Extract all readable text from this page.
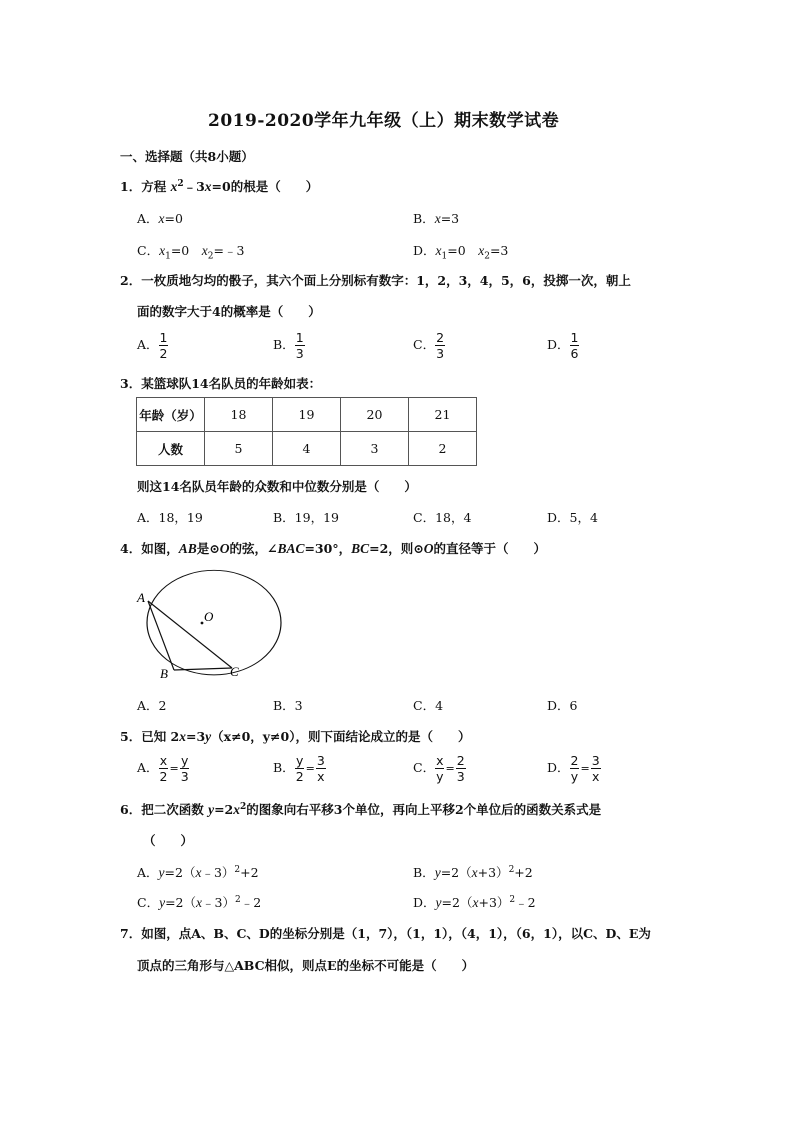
2019-2020学年九年级（上）期末数学试卷
一、选择题（共8小题）
1．方程 $x^2﹣3x=0$的根是（　　）
A．x=0	B．x=3
C．$x_1=0$　$x_2=﹣3$	D．$x_1=0$　$x_2=3$
2．一枚质地匀均的骰子，其六个面上分别标有数字：1，2，3，4，5，6，投掷一次，朝上
面的数字大于4的概率是（　　）
A． $\frac{1}{2}$	B． $\frac{1}{3}$	C． $\frac{2}{3}$	D． $\frac{1}{6}$
3．某篮球队14名队员的年龄如表：
年龄（岁）	18	19	20	21
人数	5	4	3	2
则这14名队员年龄的众数和中位数分别是（　　）
A．18，19	B．19，19	C．18，4	D．5，4
4．如图，AB是⊙O的弦，∠BAC=30°，BC=2，则⊙O的直径等于（　　）
A
O
B	C
A．2	B．3	C．4	D．6
5．已知 2x=3y（x≠0，y≠0），则下面结论成立的是（　　）
A． $\frac{x}{2} = \frac{y}{3}$	B． $\frac{y}{2} = \frac{3}{x}$	C． $\frac{x}{y} = \frac{2}{3}$	D． $\frac{2}{y} = \frac{3}{x}$
6．把二次函数 $y=2x^2$的图象向右平移3个单位，再向上平移2个单位后的函数关系式是
（　　）
A．y=2（x﹣3）$^2$+2	B．$y=2(x+3)^2+2$
C．y=2（x﹣3）$^2$﹣2	D．$y=2(x+3)^2﹣2$
7．如图，点A、B、C、D的坐标分别是（1，7），（1，1），（4，1），（6，1），以C、D、E为
顶点的三角形与△ABC相似，则点E的坐标不可能是（　　）
